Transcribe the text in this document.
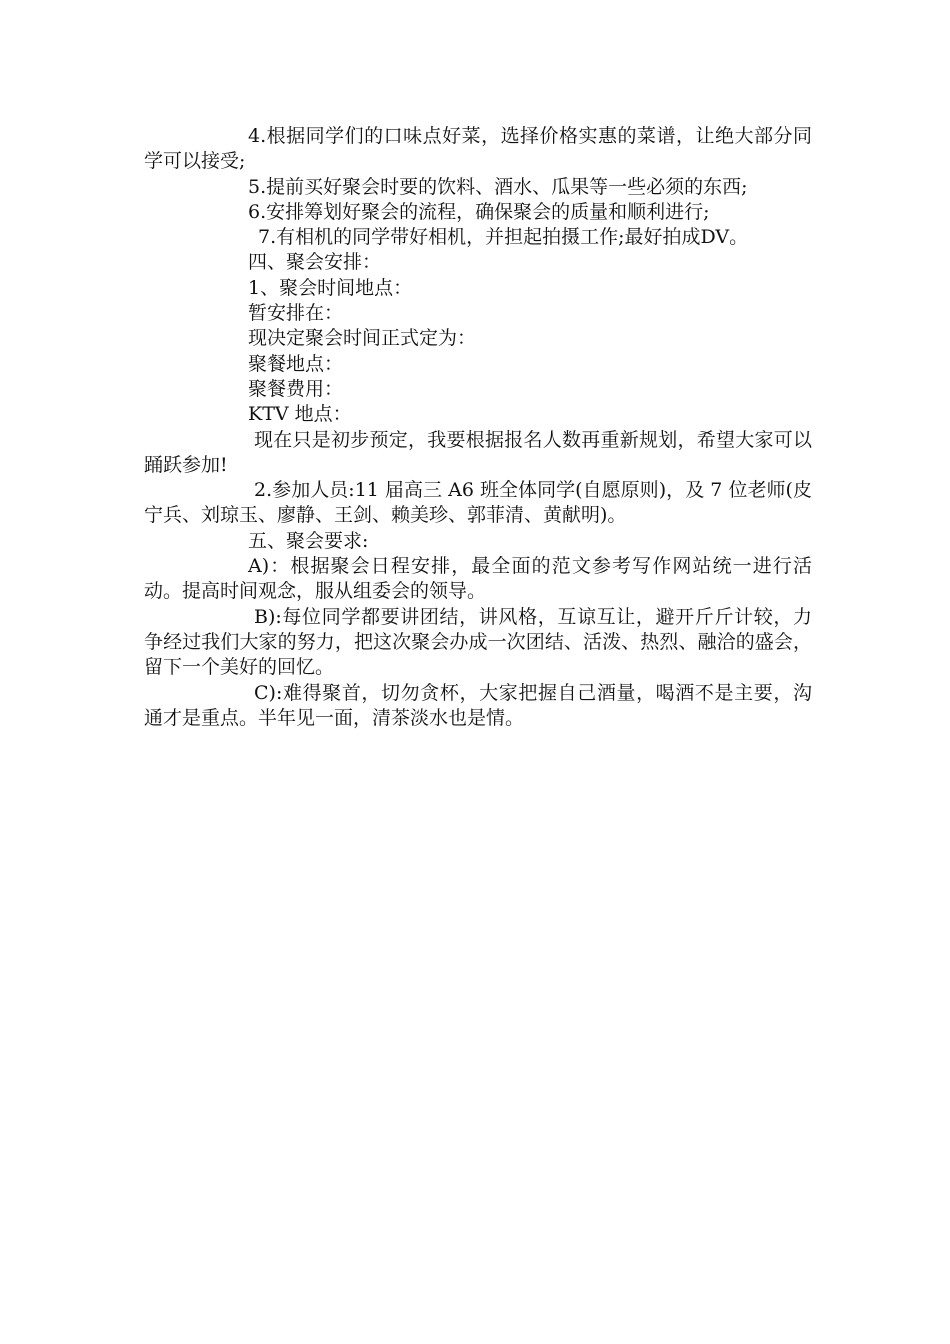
4.根据同学们的口味点好菜，选择价格实惠的菜谱，让绝大部分同学可以接受;

5.提前买好聚会时要的饮料、酒水、瓜果等一些必须的东西;

6.安排筹划好聚会的流程，确保聚会的质量和顺利进行;

7.有相机的同学带好相机，并担起拍摄工作;最好拍成DV。

四、聚会安排：

1、聚会时间地点：

暂安排在：

现决定聚会时间正式定为：

聚餐地点：

聚餐费用：

KTV 地点：

现在只是初步预定，我要根据报名人数再重新规划，希望大家可以踊跃参加!

2.参加人员:11 届高三 A6 班全体同学(自愿原则)，及 7 位老师(皮宁兵、刘琼玉、廖静、王剑、赖美珍、郭菲清、黄献明)。

五、聚会要求:

A)：根据聚会日程安排，最全面的范文参考写作网站统一进行活动。提高时间观念，服从组委会的领导。

B):每位同学都要讲团结，讲风格，互谅互让，避开斤斤计较，力争经过我们大家的努力，把这次聚会办成一次团结、活泼、热烈、融洽的盛会，留下一个美好的回忆。

C):难得聚首，切勿贪杯，大家把握自己酒量，喝酒不是主要，沟通才是重点。半年见一面，清茶淡水也是情。
